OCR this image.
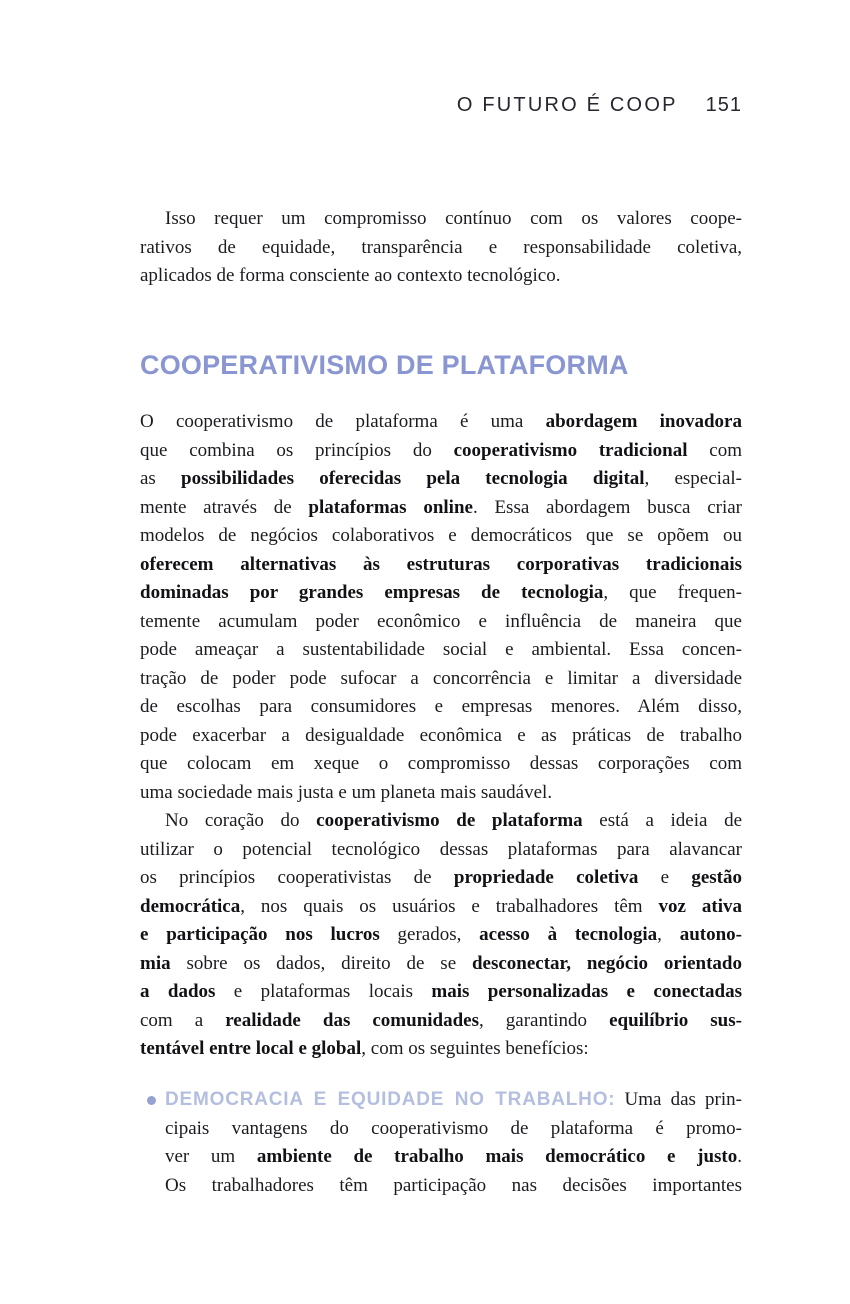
O FUTURO É COOP 151
Isso requer um compromisso contínuo com os valores coope-
rativos de equidade, transparência e responsabilidade coletiva,
aplicados de forma consciente ao contexto tecnológico.
COOPERATIVISMO DE PLATAFORMA
O cooperativismo de plataforma é uma abordagem inovadora
que combina os princípios do cooperativismo tradicional com
as possibilidades oferecidas pela tecnologia digital, especial-
mente através de plataformas online. Essa abordagem busca criar
modelos de negócios colaborativos e democráticos que se opõem ou
oferecem alternativas às estruturas corporativas tradicionais
dominadas por grandes empresas de tecnologia, que frequen-
temente acumulam poder econômico e influência de maneira que
pode ameaçar a sustentabilidade social e ambiental. Essa concen-
tração de poder pode sufocar a concorrência e limitar a diversidade
de escolhas para consumidores e empresas menores. Além disso,
pode exacerbar a desigualdade econômica e as práticas de trabalho
que colocam em xeque o compromisso dessas corporações com
uma sociedade mais justa e um planeta mais saudável.
No coração do cooperativismo de plataforma está a ideia de
utilizar o potencial tecnológico dessas plataformas para alavancar
os princípios cooperativistas de propriedade coletiva e gestão
democrática, nos quais os usuários e trabalhadores têm voz ativa
e participação nos lucros gerados, acesso à tecnologia, autono-
mia sobre os dados, direito de se desconectar, negócio orientado
a dados e plataformas locais mais personalizadas e conectadas
com a realidade das comunidades, garantindo equilíbrio sus-
tentável entre local e global, com os seguintes benefícios:
DEMOCRACIA E EQUIDADE NO TRABALHO: Uma das prin-
cipais vantagens do cooperativismo de plataforma é promo-
ver um ambiente de trabalho mais democrático e justo.
Os trabalhadores têm participação nas decisões importantes
